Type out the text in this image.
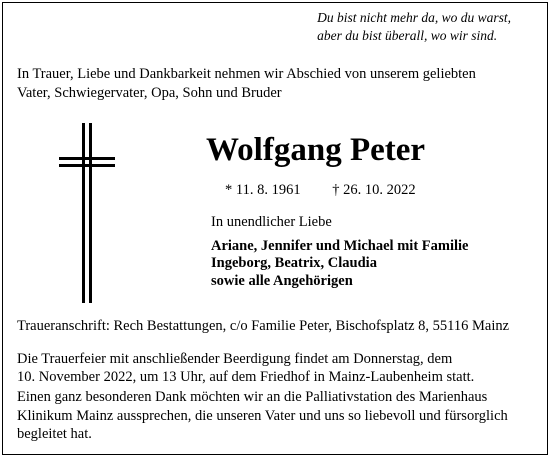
Du bist nicht mehr da, wo du warst,
aber du bist überall, wo wir sind.
In Trauer, Liebe und Dankbarkeit nehmen wir Abschied von unserem geliebten
Vater, Schwiegervater, Opa, Sohn und Bruder
Wolfgang Peter
* 11. 8. 1961 † 26. 10. 2022
In unendlicher Liebe
Ariane, Jennifer und Michael mit Familie
Ingeborg, Beatrix, Claudia
sowie alle Angehörigen
Traueranschrift: Rech Bestattungen, c/o Familie Peter, Bischofsplatz 8, 55116 Mainz
Die Trauerfeier mit anschließender Beerdigung findet am Donnerstag, dem
10. November 2022, um 13 Uhr, auf dem Friedhof in Mainz-Laubenheim statt.
Einen ganz besonderen Dank möchten wir an die Palliativstation des Marienhaus
Klinikum Mainz aussprechen, die unseren Vater und uns so liebevoll und fürsorglich
begleitet hat.
